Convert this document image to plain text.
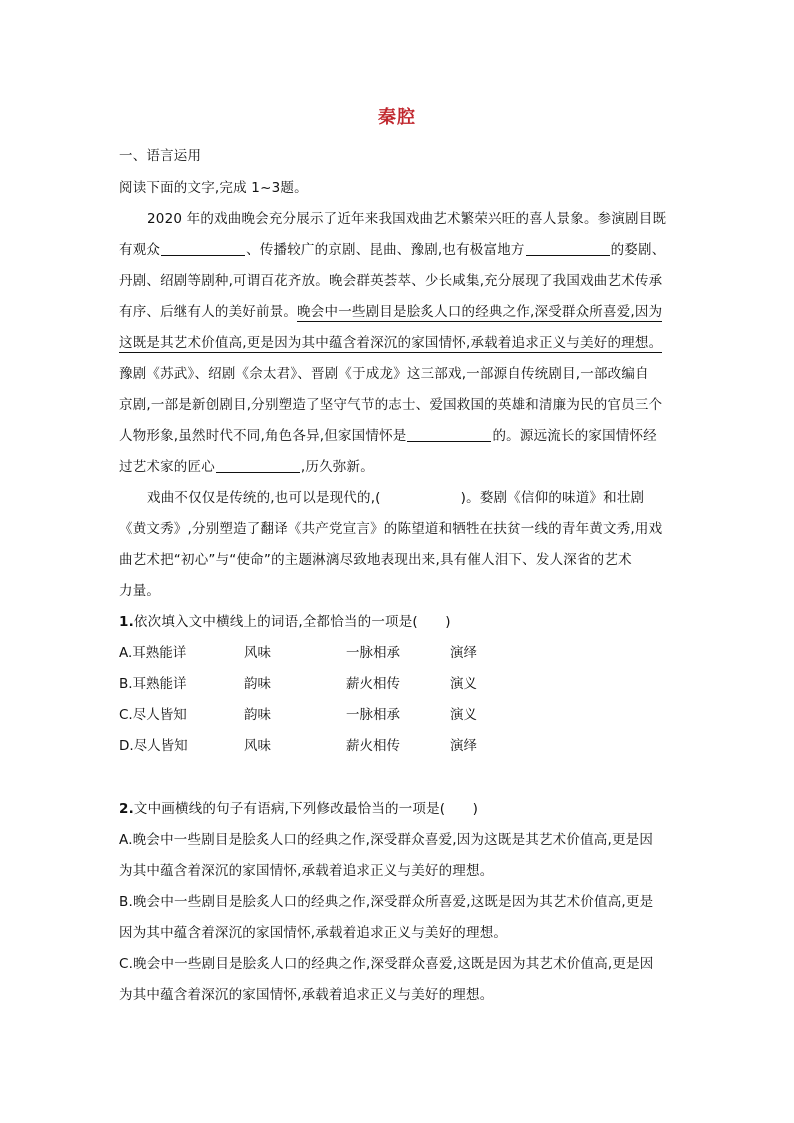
秦腔
一、语言运用
阅读下面的文字,完成 1~3题。
2020 年的戏曲晚会充分展示了近年来我国戏曲艺术繁荣兴旺的喜人景象。参演剧目既
有观众	、传播较广的京剧、昆曲、豫剧,也有极富地方	的婺剧、
丹剧、绍剧等剧种,可谓百花齐放。晚会群英荟萃、少长咸集,充分展现了我国戏曲艺术传承
有序、后继有人的美好前景。晚会中一些剧目是脍炙人口的经典之作,深受群众所喜爱,因为
这既是其艺术价值高,更是因为其中蕴含着深沉的家国情怀,承载着追求正义与美好的理想。
豫剧《苏武》、绍剧《佘太君》、晋剧《于成龙》这三部戏,一部源自传统剧目,一部改编自
京剧,一部是新创剧目,分别塑造了坚守气节的志士、爱国救国的英雄和清廉为民的官员三个
人物形象,虽然时代不同,角色各异,但家国情怀是	的。源远流长的家国情怀经
过艺术家的匠心	,历久弥新。
戏曲不仅仅是传统的,也可以是现代的,(	)。婺剧《信仰的味道》和壮剧
《黄文秀》,分别塑造了翻译《共产党宣言》的陈望道和牺牲在扶贫一线的青年黄文秀,用戏
曲艺术把“初心”与“使命”的主题淋漓尽致地表现出来,具有催人泪下、发人深省的艺术
力量。
1.依次填入文中横线上的词语,全都恰当的一项是(　　)
A.耳熟能详	风味	一脉相承	演绎
B.耳熟能详	韵味	薪火相传	演义
C.尽人皆知	韵味	一脉相承	演义
D.尽人皆知	风味	薪火相传	演绎
2.文中画横线的句子有语病,下列修改最恰当的一项是(　　)
A.晚会中一些剧目是脍炙人口的经典之作,深受群众喜爱,因为这既是其艺术价值高,更是因
为其中蕴含着深沉的家国情怀,承载着追求正义与美好的理想。
B.晚会中一些剧目是脍炙人口的经典之作,深受群众所喜爱,这既是因为其艺术价值高,更是
因为其中蕴含着深沉的家国情怀,承载着追求正义与美好的理想。
C.晚会中一些剧目是脍炙人口的经典之作,深受群众喜爱,这既是因为其艺术价值高,更是因
为其中蕴含着深沉的家国情怀,承载着追求正义与美好的理想。
